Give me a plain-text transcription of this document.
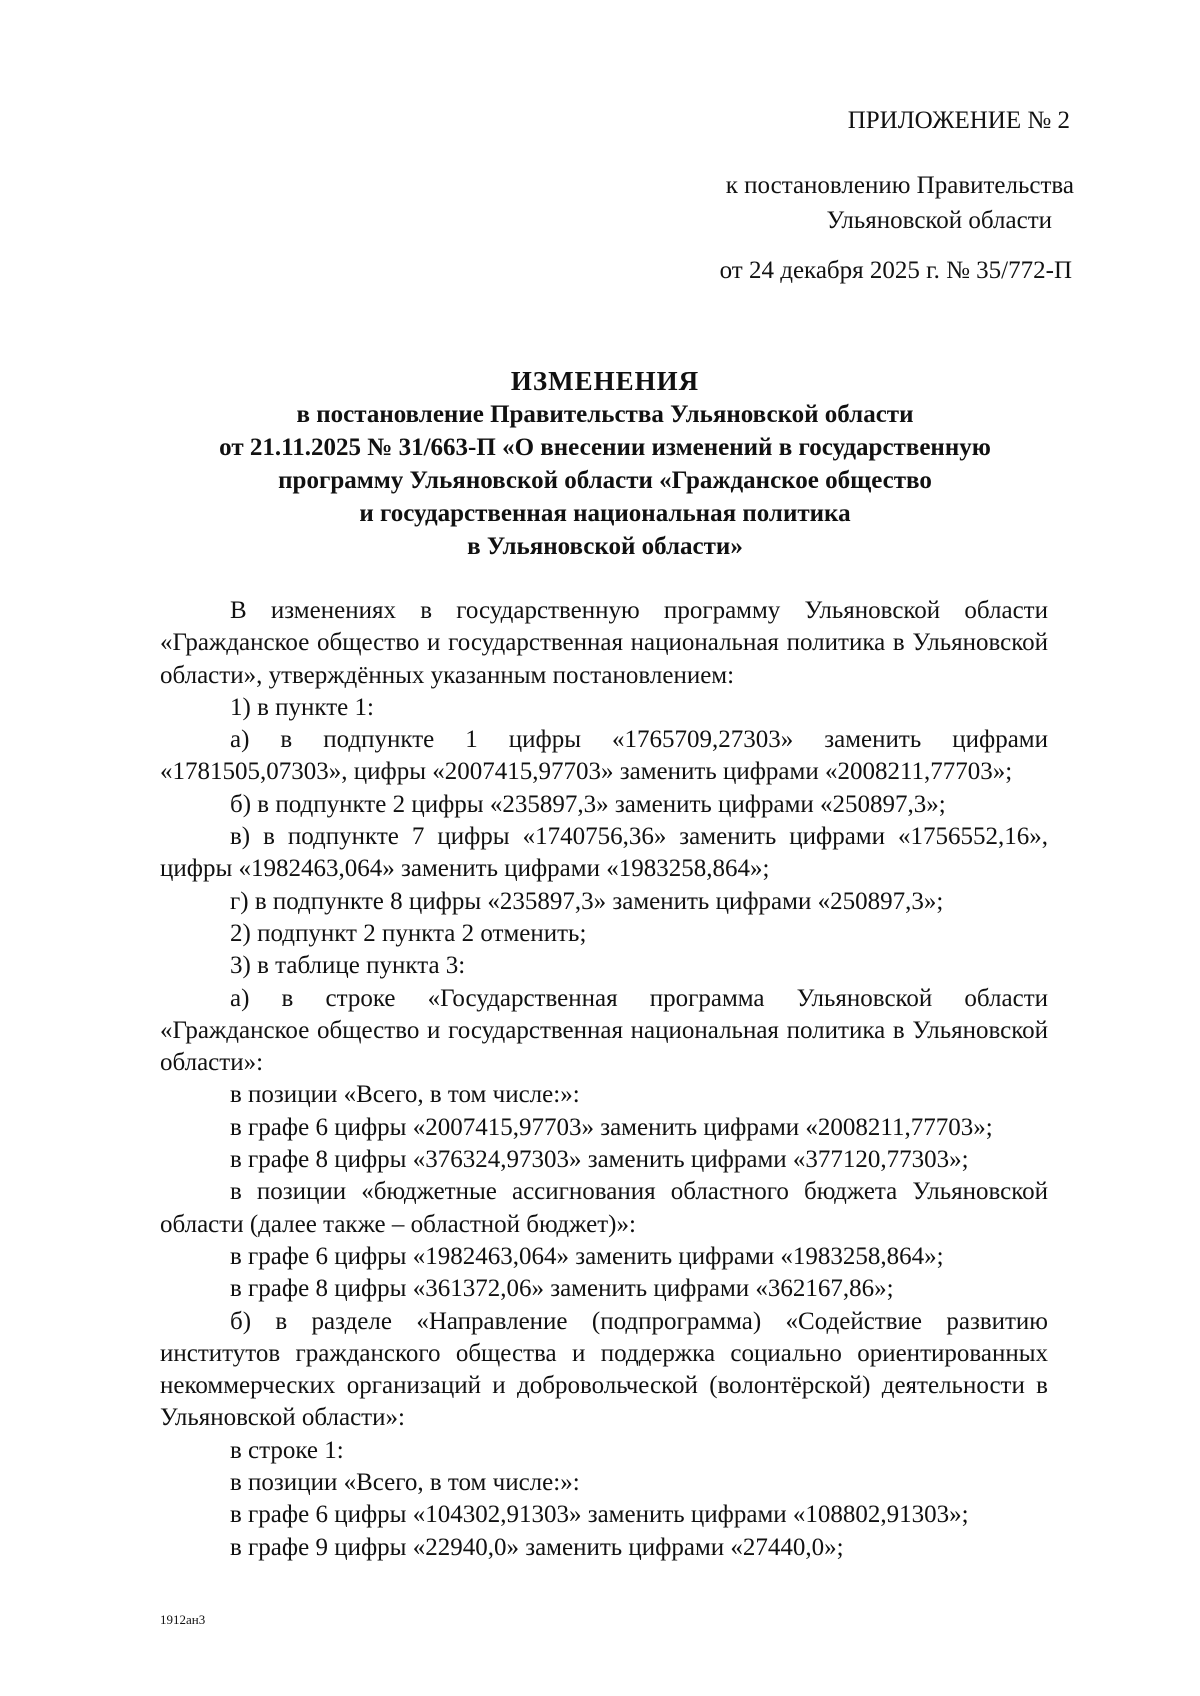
ПРИЛОЖЕНИЕ № 2
к постановлению Правительства
Ульяновской области
от 24 декабря 2025 г. № 35/772-П
ИЗМЕНЕНИЯ
в постановление Правительства Ульяновской области
от 21.11.2025 № 31/663-П «О внесении изменений в государственную
программу Ульяновской области «Гражданское общество
и государственная национальная политика
в Ульяновской области»
В изменениях в государственную программу Ульяновской области «Гражданское общество и государственная национальная политика в Ульяновской области», утверждённых указанным постановлением:
1) в пункте 1:
а) в подпункте 1 цифры «1765709,27303» заменить цифрами «1781505,07303», цифры «2007415,97703» заменить цифрами «2008211,77703»;
б) в подпункте 2 цифры «235897,3» заменить цифрами «250897,3»;
в) в подпункте 7 цифры «1740756,36» заменить цифрами «1756552,16», цифры «1982463,064» заменить цифрами «1983258,864»;
г) в подпункте 8 цифры «235897,3» заменить цифрами «250897,3»;
2) подпункт 2 пункта 2 отменить;
3) в таблице пункта 3:
а) в строке «Государственная программа Ульяновской области «Гражданское общество и государственная национальная политика в Ульяновской области»:
в позиции «Всего, в том числе:»:
в графе 6 цифры «2007415,97703» заменить цифрами «2008211,77703»;
в графе 8 цифры «376324,97303» заменить цифрами «377120,77303»;
в позиции «бюджетные ассигнования областного бюджета Ульяновской области (далее также – областной бюджет)»:
в графе 6 цифры «1982463,064» заменить цифрами «1983258,864»;
в графе 8 цифры «361372,06» заменить цифрами «362167,86»;
б) в разделе «Направление (подпрограмма) «Содействие развитию институтов гражданского общества и поддержка социально ориентированных некоммерческих организаций и добровольческой (волонтёрской) деятельности в Ульяновской области»:
в строке 1:
в позиции «Всего, в том числе:»:
в графе 6 цифры «104302,91303» заменить цифрами «108802,91303»;
в графе 9 цифры «22940,0» заменить цифрами «27440,0»;
1912ан3
